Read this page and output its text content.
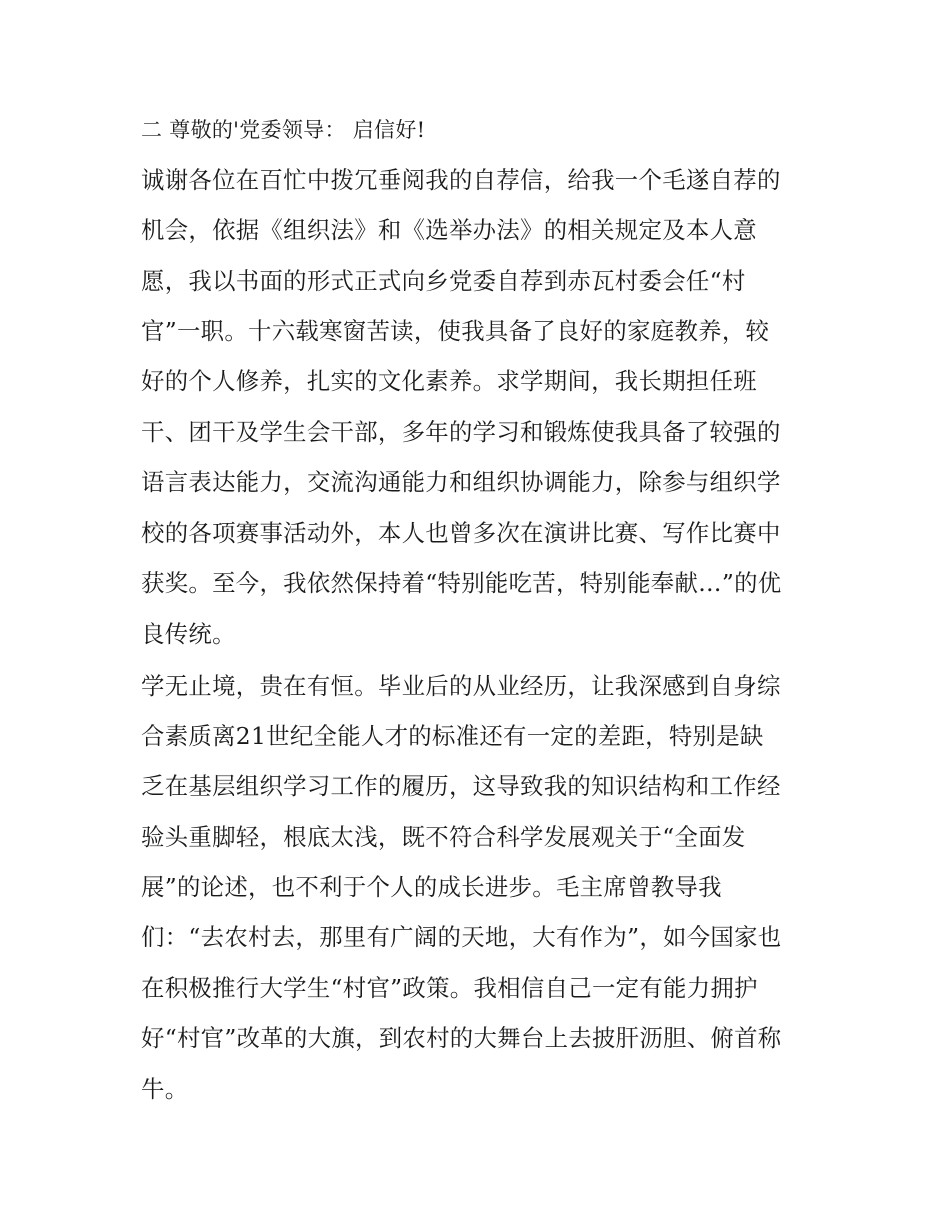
二 尊敬的'党委领导： 启信好!

诚谢各位在百忙中拨冗垂阅我的自荐信，给我一个毛遂自荐的

机会，依据《组织法》和《选举办法》的相关规定及本人意

愿，我以书面的形式正式向乡党委自荐到赤瓦村委会任“村

官”一职。十六载寒窗苦读，使我具备了良好的家庭教养，较

好的个人修养，扎实的文化素养。求学期间，我长期担任班

干、团干及学生会干部，多年的学习和锻炼使我具备了较强的

语言表达能力，交流沟通能力和组织协调能力，除参与组织学

校的各项赛事活动外，本人也曾多次在演讲比赛、写作比赛中

获奖。至今，我依然保持着“特别能吃苦，特别能奉献…”的优

良传统。

学无止境，贵在有恒。毕业后的从业经历，让我深感到自身综

合素质离21世纪全能人才的标准还有一定的差距，特别是缺

乏在基层组织学习工作的履历，这导致我的知识结构和工作经

验头重脚轻，根底太浅，既不符合科学发展观关于“全面发

展”的论述，也不利于个人的成长进步。毛主席曾教导我

们：“去农村去，那里有广阔的天地，大有作为”，如今国家也

在积极推行大学生“村官”政策。我相信自己一定有能力拥护

好“村官”改革的大旗，到农村的大舞台上去披肝沥胆、俯首称

牛。
